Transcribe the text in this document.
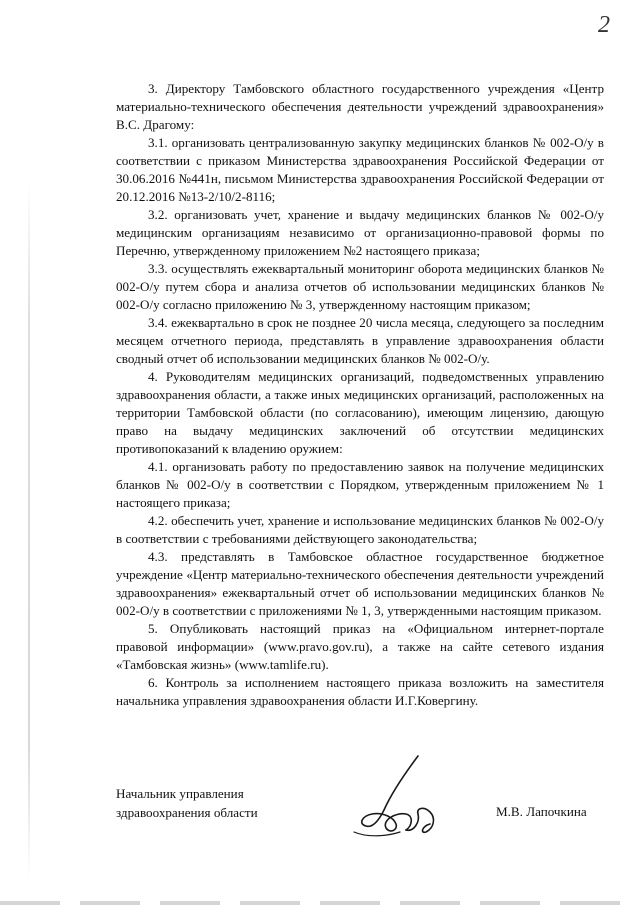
2

3. Директору Тамбовского областного государственного учреждения «Центр материально-технического обеспечения деятельности учреждений здравоохранения» В.С. Драгому:

3.1. организовать централизованную закупку медицинских бланков № 002-О/у в соответствии с приказом Министерства здравоохранения Российской Федерации от 30.06.2016 №441н, письмом Министерства здравоохранения Российской Федерации от 20.12.2016 №13-2/10/2-8116;

3.2. организовать учет, хранение и выдачу медицинских бланков № 002-О/у медицинским организациям независимо от организационно-правовой формы по Перечню, утвержденному приложением №2 настоящего приказа;

3.3. осуществлять ежеквартальный мониторинг оборота медицинских бланков № 002-О/у путем сбора и анализа отчетов об использовании медицинских бланков № 002-О/у согласно приложению № 3, утвержденному настоящим приказом;

3.4. ежеквартально в срок не позднее 20 числа месяца, следующего за последним месяцем отчетного периода, представлять в управление здравоохранения области сводный отчет об использовании медицинских бланков № 002-О/у.

4. Руководителям медицинских организаций, подведомственных управлению здравоохранения области, а также иных медицинских организаций, расположенных на территории Тамбовской области (по согласованию), имеющим лицензию, дающую право на выдачу медицинских заключений об отсутствии медицинских противопоказаний к владению оружием:

4.1. организовать работу по предоставлению заявок на получение медицинских бланков № 002-О/у в соответствии с Порядком, утвержденным приложением № 1 настоящего приказа;

4.2. обеспечить учет, хранение и использование медицинских бланков № 002-О/у в соответствии с требованиями действующего законодательства;

4.3. представлять в Тамбовское областное государственное бюджетное учреждение «Центр материально-технического обеспечения деятельности учреждений здравоохранения» ежеквартальный отчет об использовании медицинских бланков № 002-О/у в соответствии с приложениями № 1, 3, утвержденными настоящим приказом.

5. Опубликовать настоящий приказ на «Официальном интернет-портале правовой информации» (www.pravo.gov.ru), а также на сайте сетевого издания «Тамбовская жизнь» (www.tamlife.ru).

6. Контроль за исполнением настоящего приказа возложить на заместителя начальника управления здравоохранения области И.Г.Ковергину.

Начальник управления
здравоохранения области	М.В. Лапочкина
